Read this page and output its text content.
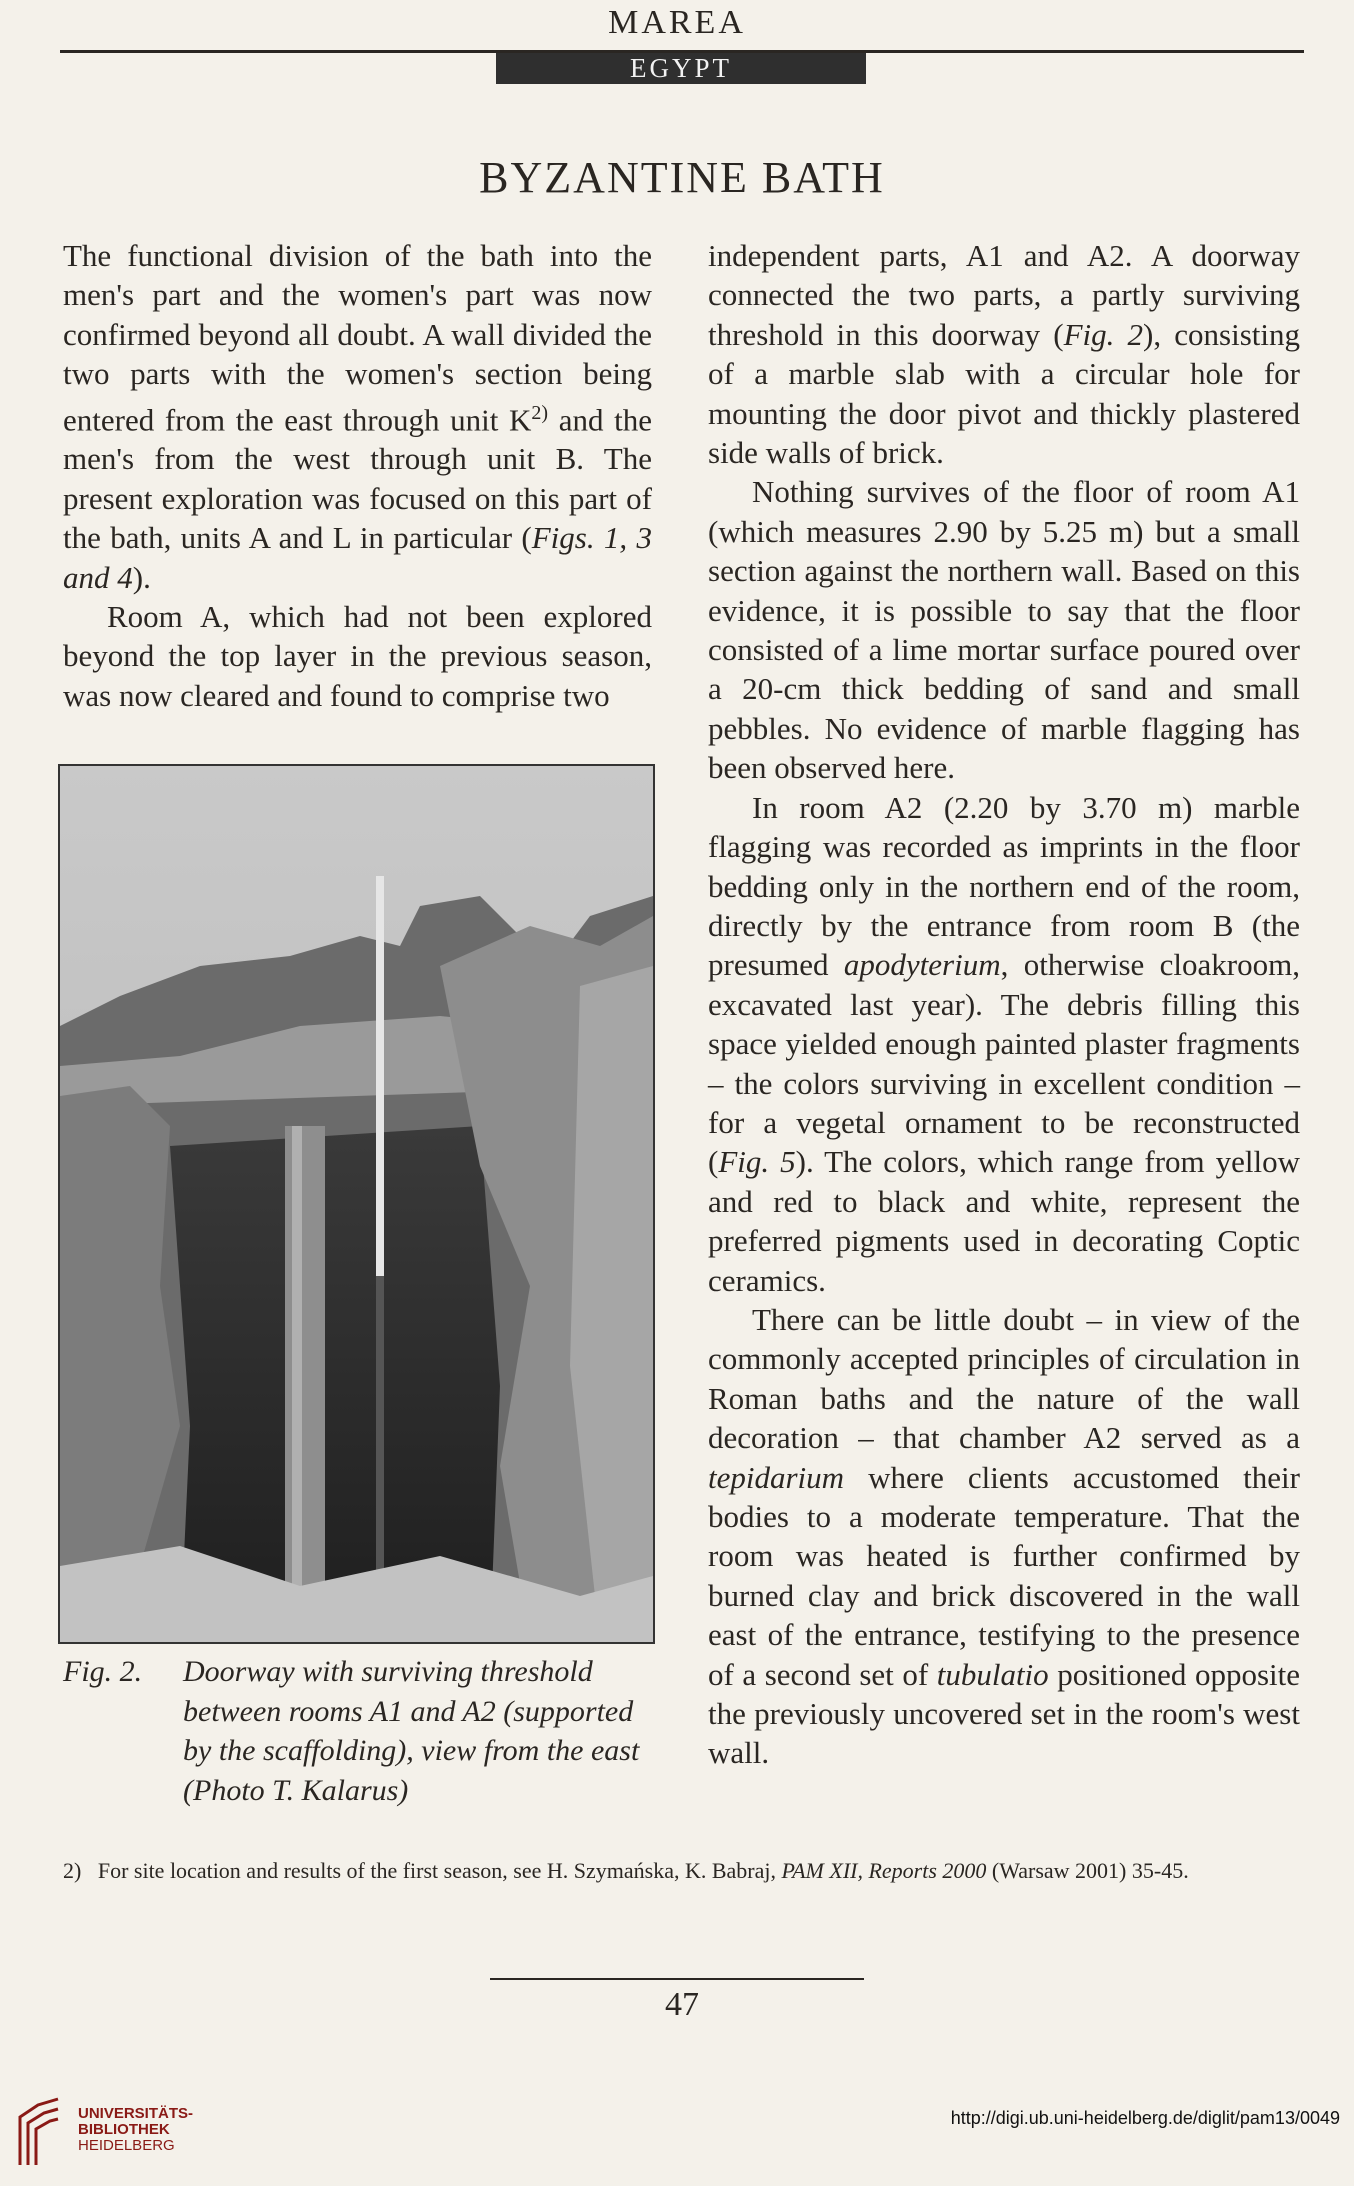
MAREA
EGYPT
BYZANTINE BATH

The functional division of the bath into the men's part and the women's part was now confirmed beyond all doubt. A wall divided the two parts with the women's section being entered from the east through unit $K^{2)}$ and the men's from the west through unit B. The present exploration was focused on this part of the bath, units A and L in particular (Figs. 1, 3 and 4).

Room A, which had not been explored beyond the top layer in the previous season, was now cleared and found to comprise two

Fig. 2.	Doorway with surviving threshold between rooms A1 and A2 (supported by the scaffolding), view from the east (Photo T. Kalarus)

independent parts, A1 and A2. A doorway connected the two parts, a partly surviving threshold in this doorway (Fig. 2), consisting of a marble slab with a circular hole for mounting the door pivot and thickly plastered side walls of brick.

Nothing survives of the floor of room A1 (which measures 2.90 by 5.25 m) but a small section against the northern wall. Based on this evidence, it is possible to say that the floor consisted of a lime mortar surface poured over a 20-cm thick bedding of sand and small pebbles. No evidence of marble flagging has been observed here.

In room A2 (2.20 by 3.70 m) marble flagging was recorded as imprints in the floor bedding only in the northern end of the room, directly by the entrance from room B (the presumed apodyterium, otherwise cloakroom, excavated last year). The debris filling this space yielded enough painted plaster fragments – the colors surviving in excellent condition – for a vegetal ornament to be reconstructed (Fig. 5). The colors, which range from yellow and red to black and white, represent the preferred pigments used in decorating Coptic ceramics.

There can be little doubt – in view of the commonly accepted principles of circulation in Roman baths and the nature of the wall decoration – that chamber A2 served as a tepidarium where clients accustomed their bodies to a moderate temperature. That the room was heated is further confirmed by burned clay and brick discovered in the wall east of the entrance, testifying to the presence of a second set of tubulatio positioned opposite the previously uncovered set in the room's west wall.

2) For site location and results of the first season, see H. Szymańska, K. Babraj, PAM XII, Reports 2000 (Warsaw 2001) 35-45.
47
UNIVERSITÄTS-
BIBLIOTHEK
HEIDELBERG
http://digi.ub.uni-heidelberg.de/diglit/pam13/0049
